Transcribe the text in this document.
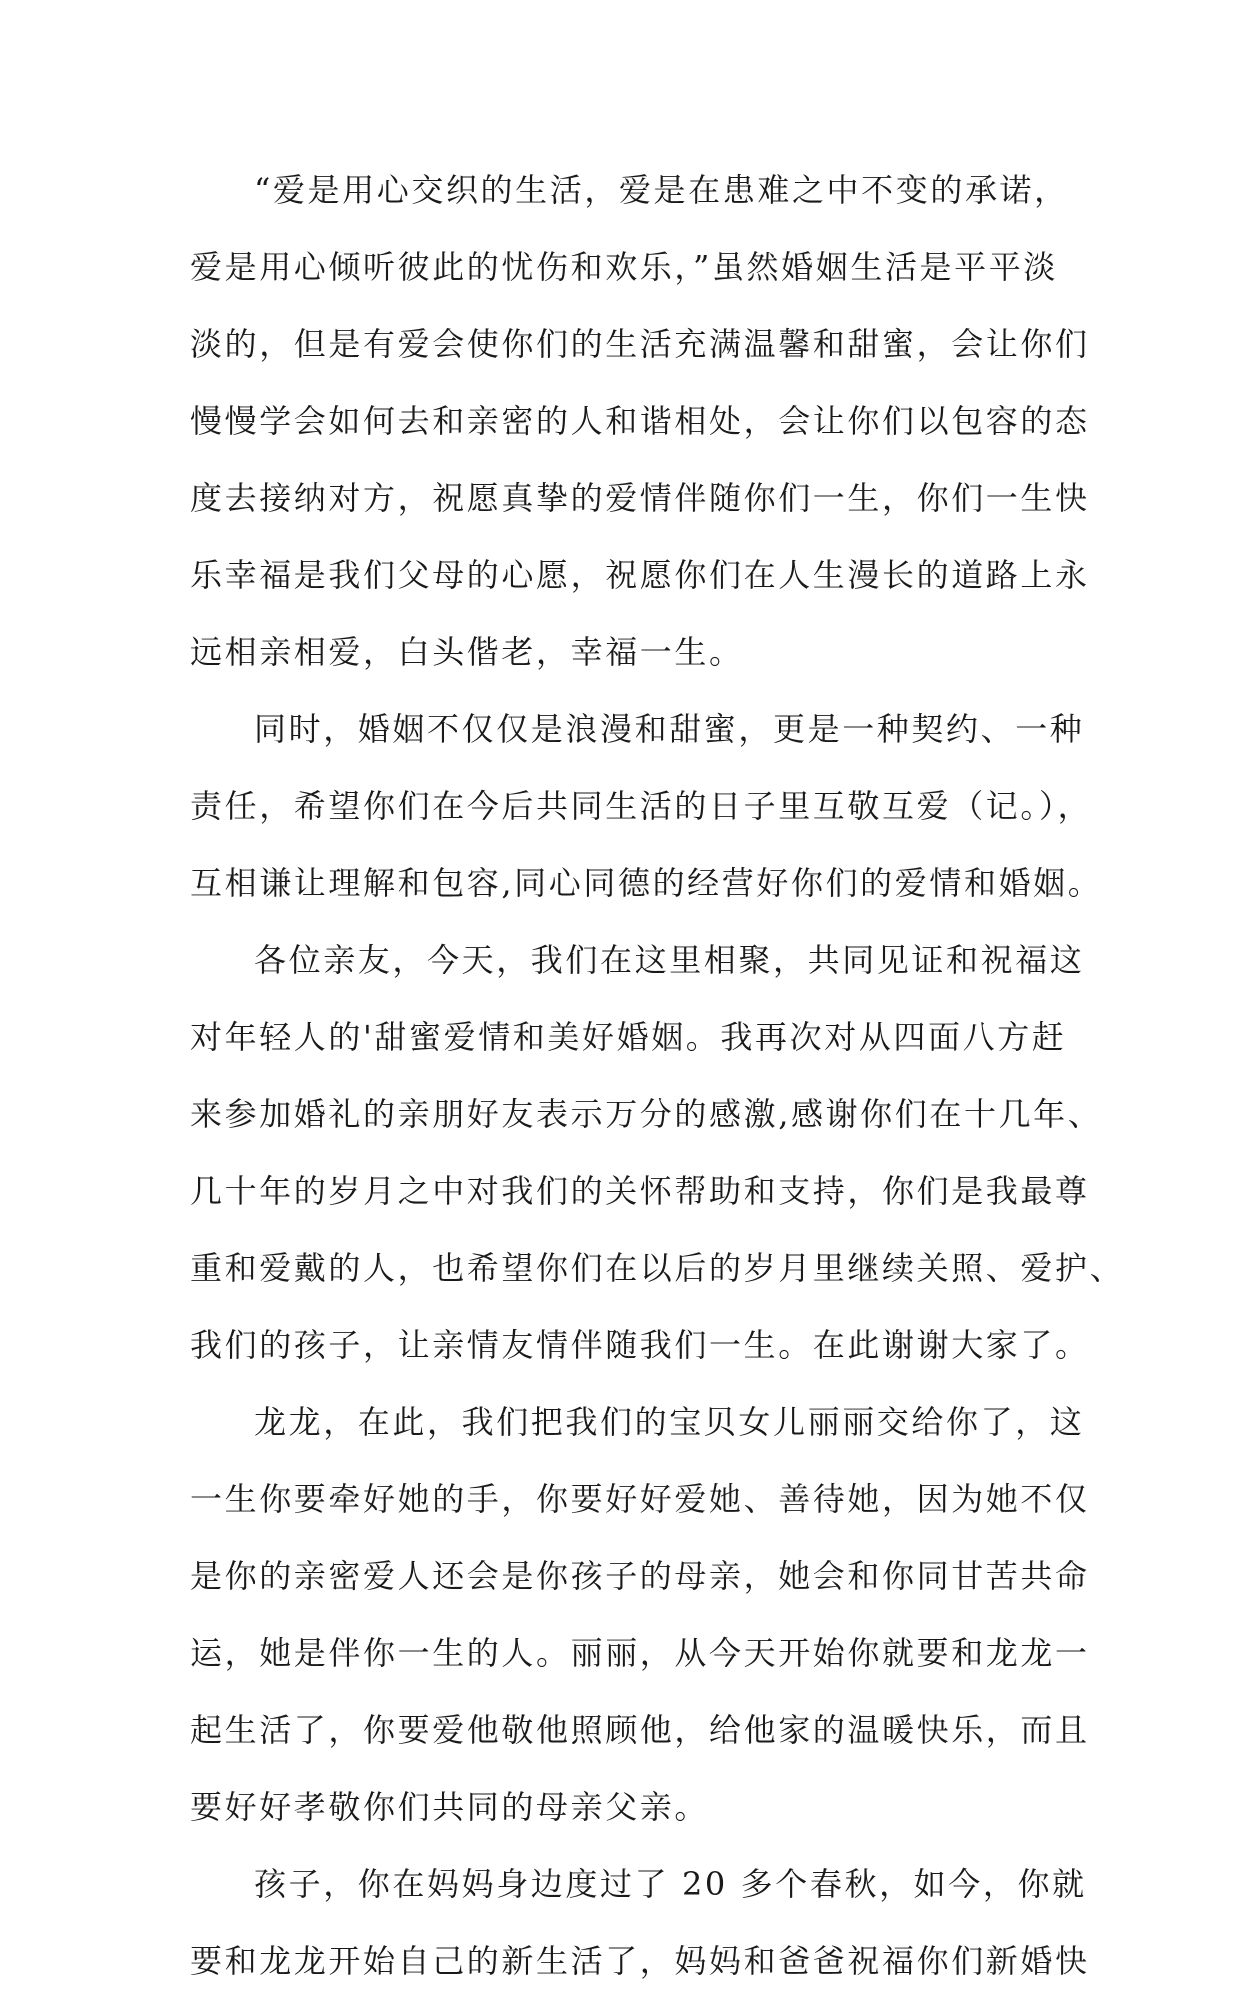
“爱是用心交织的生活，爱是在患难之中不变的承诺，
爱是用心倾听彼此的忧伤和欢乐，”虽然婚姻生活是平平淡
淡的，但是有爱会使你们的生活充满温馨和甜蜜，会让你们
慢慢学会如何去和亲密的人和谐相处，会让你们以包容的态
度去接纳对方，祝愿真挚的爱情伴随你们一生，你们一生快
乐幸福是我们父母的心愿，祝愿你们在人生漫长的道路上永
远相亲相爱，白头偕老，幸福一生。
同时，婚姻不仅仅是浪漫和甜蜜，更是一种契约、一种
责任，希望你们在今后共同生活的日子里互敬互爱（记。），
互相谦让理解和包容,同心同德的经营好你们的爱情和婚姻。
各位亲友，今天，我们在这里相聚，共同见证和祝福这
对年轻人的'甜蜜爱情和美好婚姻。我再次对从四面八方赶
来参加婚礼的亲朋好友表示万分的感激,感谢你们在十几年、
几十年的岁月之中对我们的关怀帮助和支持，你们是我最尊
重和爱戴的人，也希望你们在以后的岁月里继续关照、爱护、
我们的孩子，让亲情友情伴随我们一生。在此谢谢大家了。
龙龙，在此，我们把我们的宝贝女儿丽丽交给你了，这
一生你要牵好她的手，你要好好爱她、善待她，因为她不仅
是你的亲密爱人还会是你孩子的母亲，她会和你同甘苦共命
运，她是伴你一生的人。丽丽，从今天开始你就要和龙龙一
起生活了，你要爱他敬他照顾他，给他家的温暖快乐，而且
要好好孝敬你们共同的母亲父亲。
孩子，你在妈妈身边度过了 20 多个春秋，如今，你就
要和龙龙开始自己的新生活了，妈妈和爸爸祝福你们新婚快
